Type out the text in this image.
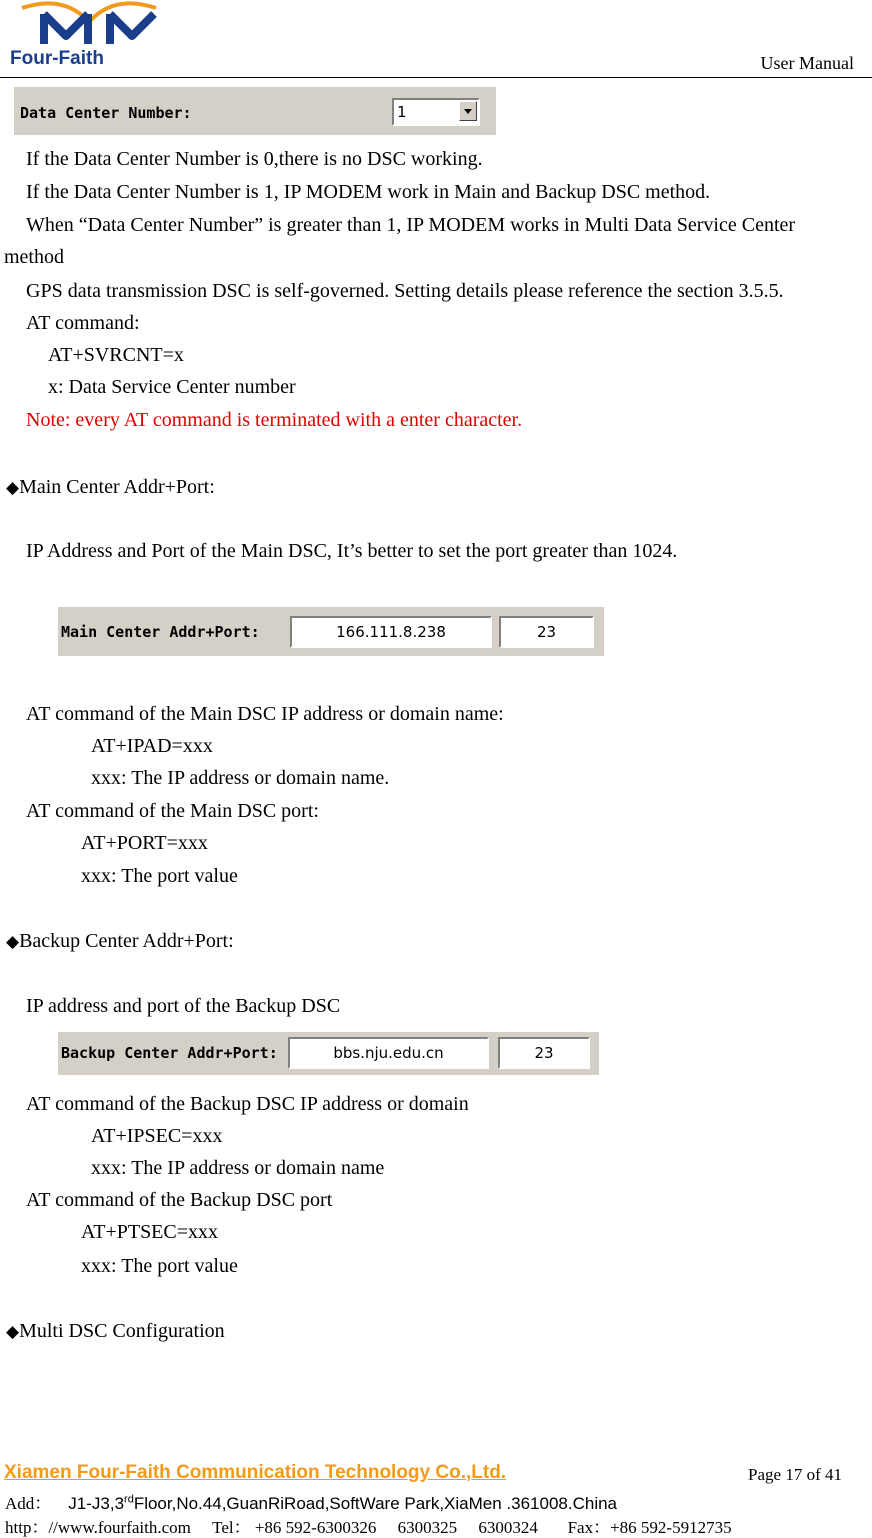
Four-Faith	User Manual
Data Center Number:	1
If the Data Center Number is 0,there is no DSC working.
If the Data Center Number is 1, IP MODEM work in Main and Backup DSC method.
When “Data Center Number” is greater than 1, IP MODEM works in Multi Data Service Center
method
GPS data transmission DSC is self-governed. Setting details please reference the section 3.5.5.
AT command:
AT+SVRCNT=x
x: Data Service Center number
Note: every AT command is terminated with a enter character.
◆Main Center Addr+Port:
IP Address and Port of the Main DSC, It’s better to set the port greater than 1024.
Main Center Addr+Port:	166.111.8.238	23
AT command of the Main DSC IP address or domain name:
AT+IPAD=xxx
xxx: The IP address or domain name.
AT command of the Main DSC port:
AT+PORT=xxx
xxx: The port value
◆Backup Center Addr+Port:
IP address and port of the Backup DSC
Backup Center Addr+Port:	bbs.nju.edu.cn	23
AT command of the Backup DSC IP address or domain
AT+IPSEC=xxx
xxx: The IP address or domain name
AT command of the Backup DSC port
AT+PTSEC=xxx
xxx: The port value
◆Multi DSC Configuration
Xiamen Four-Faith Communication Technology Co.,Ltd.	Page 17 of 41
Add： J1-J3,3rdFloor,No.44,GuanRiRoad,SoftWare Park,XiaMen .361008.China
http：//www.fourfaith.com Tel： +86 592-6300326  6300325  6300324 Fax：+86 592-5912735
